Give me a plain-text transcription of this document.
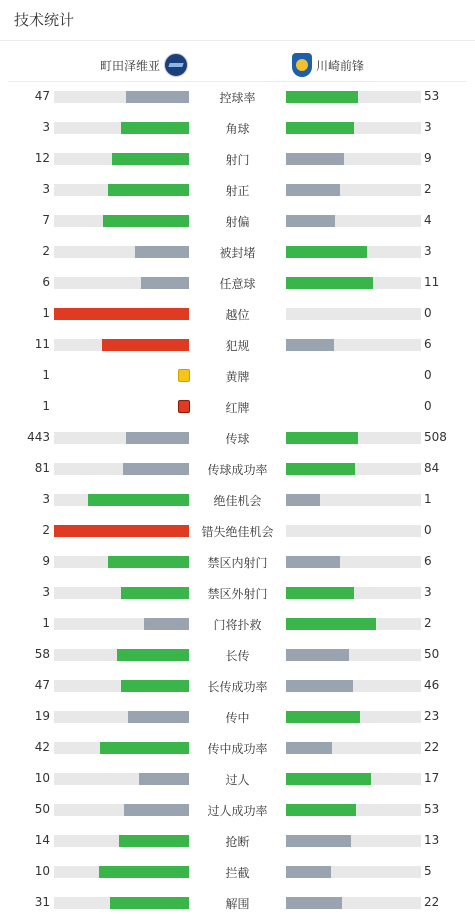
技术统计
町田泽维亚	川崎前锋
47	控球率	53
3	角球	3
12	射门	9
3	射正	2
7	射偏	4
2	被封堵	3
6	任意球	11
1	越位	0
11	犯规	6
1	黄牌	0
1	红牌	0
443	传球	508
81	传球成功率	84
3	绝佳机会	1
2	错失绝佳机会	0
9	禁区内射门	6
3	禁区外射门	3
1	门将扑救	2
58	长传	50
47	长传成功率	46
19	传中	23
42	传中成功率	22
10	过人	17
50	过人成功率	53
14	抢断	13
10	拦截	5
31	解围	22
